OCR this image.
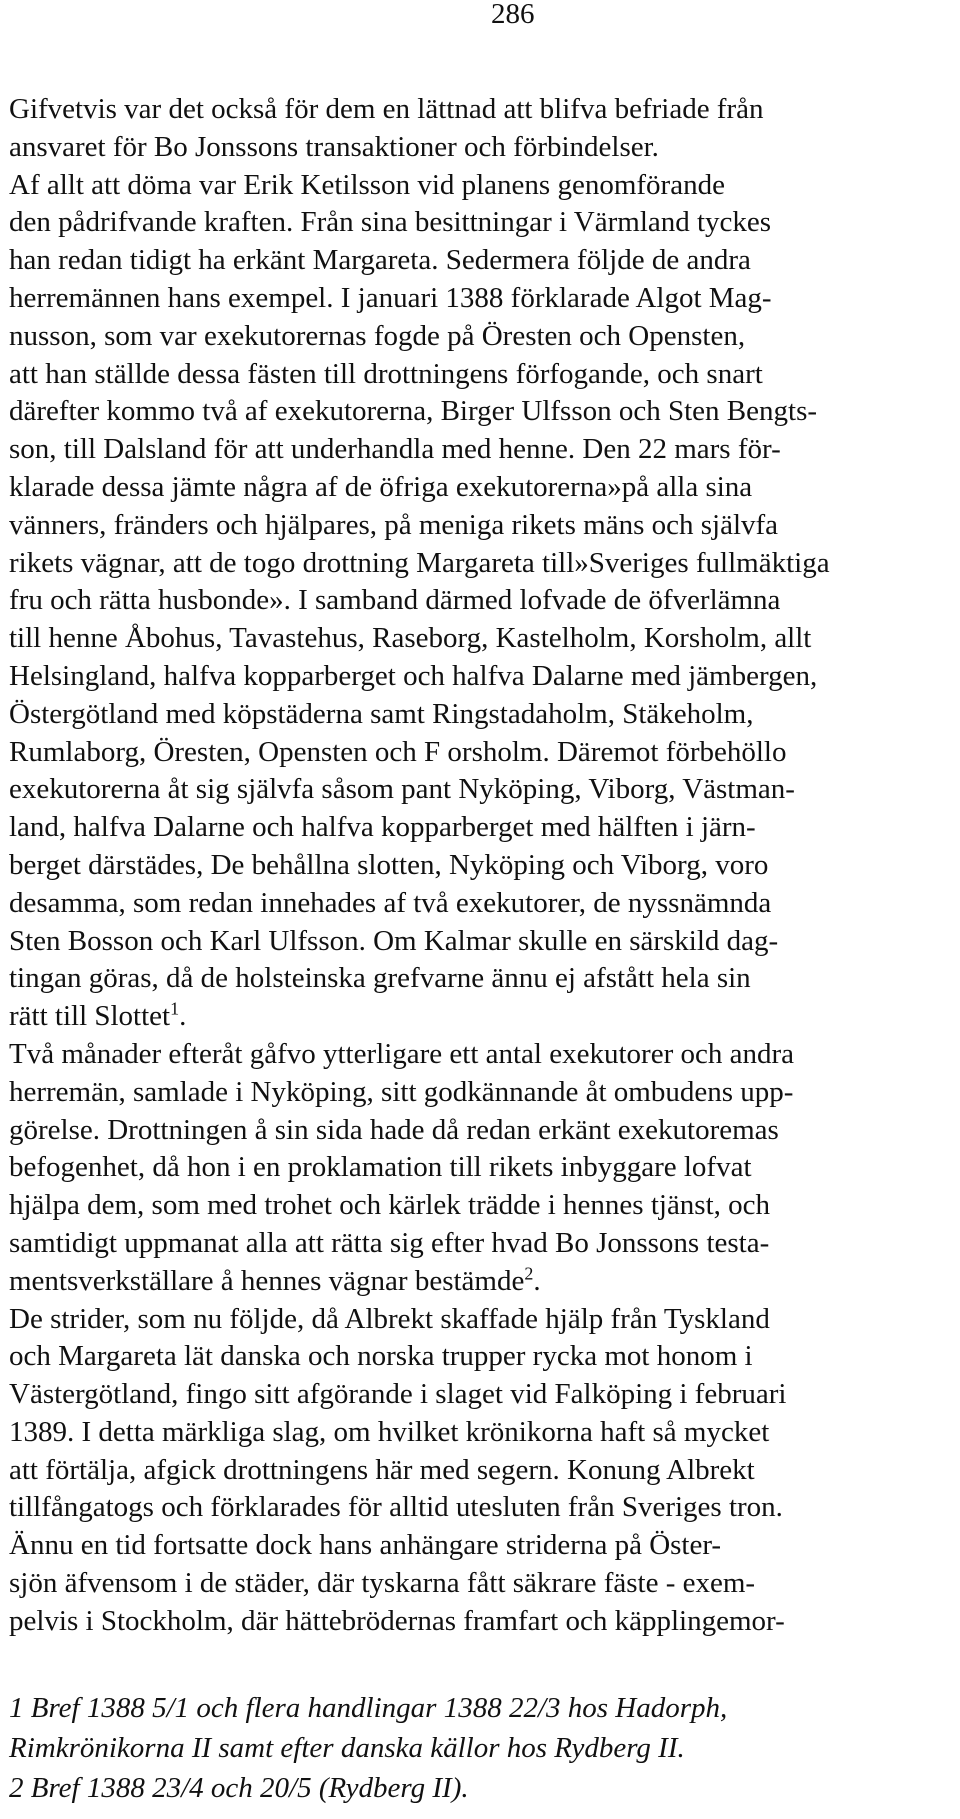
286
Gifvetvis var det också för dem en lättnad att blifva befriade från
ansvaret för Bo Jonssons transaktioner och förbindelser.
Af allt att döma var Erik Ketilsson vid planens genomförande
den pådrifvande kraften. Från sina besittningar i Värmland tyckes
han redan tidigt ha erkänt Margareta. Sedermera följde de andra
herremännen hans exempel. I januari 1388 förklarade Algot Mag-
nusson, som var exekutorernas fogde på Öresten och Opensten,
att han ställde dessa fästen till drottningens förfogande, och snart
därefter kommo två af exekutorerna, Birger Ulfsson och Sten Bengts-
son, till Dalsland för att underhandla med henne. Den 22 mars för-
klarade dessa jämte några af de öfriga exekutorerna»på alla sina
vänners, fränders och hjälpares, på meniga rikets mäns och självfa
rikets vägnar, att de togo drottning Margareta till»Sveriges fullmäktiga
fru och rätta husbonde». I samband därmed lofvade de öfverlämna
till henne Åbohus, Tavastehus, Raseborg, Kastelholm, Korsholm, allt
Helsingland, halfva kopparberget och halfva Dalarne med jämbergen,
Östergötland med köpstäderna samt Ringstadaholm, Stäkeholm,
Rumlaborg, Öresten, Opensten och F orsholm. Däremot förbehöllo
exekutorerna åt sig självfa såsom pant Nyköping, Viborg, Västman-
land, halfva Dalarne och halfva kopparberget med hälften i järn-
berget därstädes, De behållna slotten, Nyköping och Viborg, voro
desamma, som redan innehades af två exekutorer, de nyssnämnda
Sten Bosson och Karl Ulfsson. Om Kalmar skulle en särskild dag-
tingan göras, då de holsteinska grefvarne ännu ej afstått hela sin
rätt till Slottet$^1$.
Två månader efteråt gåfvo ytterligare ett antal exekutorer och andra
herremän, samlade i Nyköping, sitt godkännande åt ombudens upp-
görelse. Drottningen å sin sida hade då redan erkänt exekutoremas
befogenhet, då hon i en proklamation till rikets inbyggare lofvat
hjälpa dem, som med trohet och kärlek trädde i hennes tjänst, och
samtidigt uppmanat alla att rätta sig efter hvad Bo Jonssons testa-
mentsverkställare å hennes vägnar bestämde$^2$.
De strider, som nu följde, då Albrekt skaffade hjälp från Tyskland
och Margareta lät danska och norska trupper rycka mot honom i
Västergötland, fingo sitt afgörande i slaget vid Falköping i februari
1389. I detta märkliga slag, om hvilket krönikorna haft så mycket
att förtälja, afgick drottningens här med segern. Konung Albrekt
tillfångatogs och förklarades för alltid utesluten från Sveriges tron.
Ännu en tid fortsatte dock hans anhängare striderna på Öster-
sjön äfvensom i de städer, där tyskarna fått säkrare fäste - exem-
pelvis i Stockholm, där hättebrödernas framfart och käpplingemor-
1 Bref 1388 5/1 och flera handlingar 1388 22/3 hos Hadorph,
Rimkrönikorna II samt efter danska källor hos Rydberg II.
2 Bref 1388 23/4 och 20/5 (Rydberg II).
